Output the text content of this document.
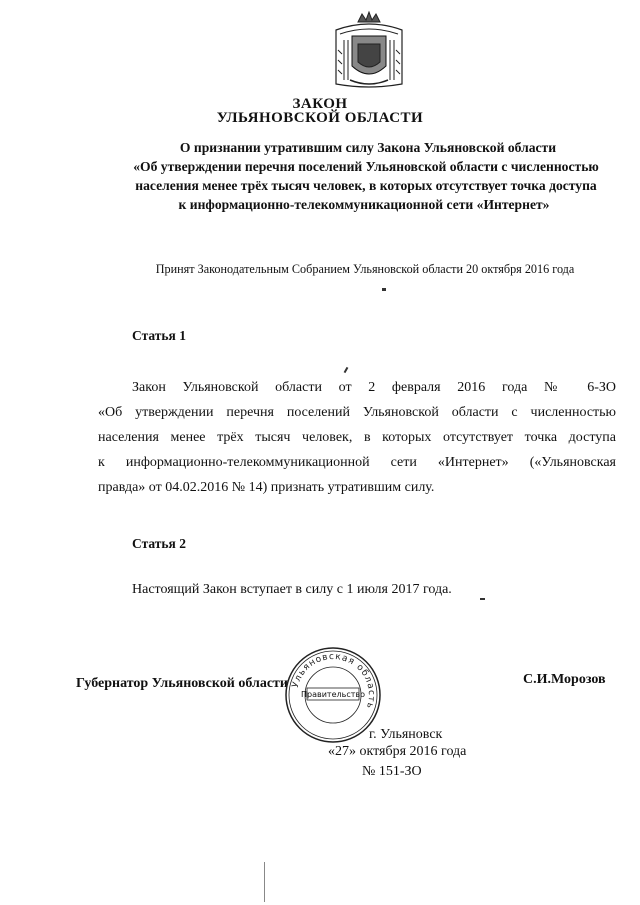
ЗАКОН
УЛЬЯНОВСКОЙ ОБЛАСТИ
О признании утратившим силу Закона Ульяновской области
«Об утверждении перечня поселений Ульяновской области с численностью
населения менее трёх тысяч человек, в которых отсутствует точка доступа
к информационно-телекоммуникационной сети «Интернет»
Принят Законодательным Собранием Ульяновской области 20 октября 2016 года
Статья 1
Закон Ульяновской области от 2 февраля 2016 года № 6-ЗО
«Об утверждении перечня поселений Ульяновской области с численностью
населения менее трёх тысяч человек, в которых отсутствует точка доступа
к информационно-телекоммуникационной сети «Интернет» («Ульяновская
правда» от 04.02.2016 № 14) признать утратившим силу.
Статья 2
Настоящий Закон вступает в силу с 1 июля 2017 года.
Губернатор Ульяновской области	С.И.Морозов
Ульяновская область
Правительство
г. Ульяновск
«27» октября 2016 года
№ 151-ЗО
